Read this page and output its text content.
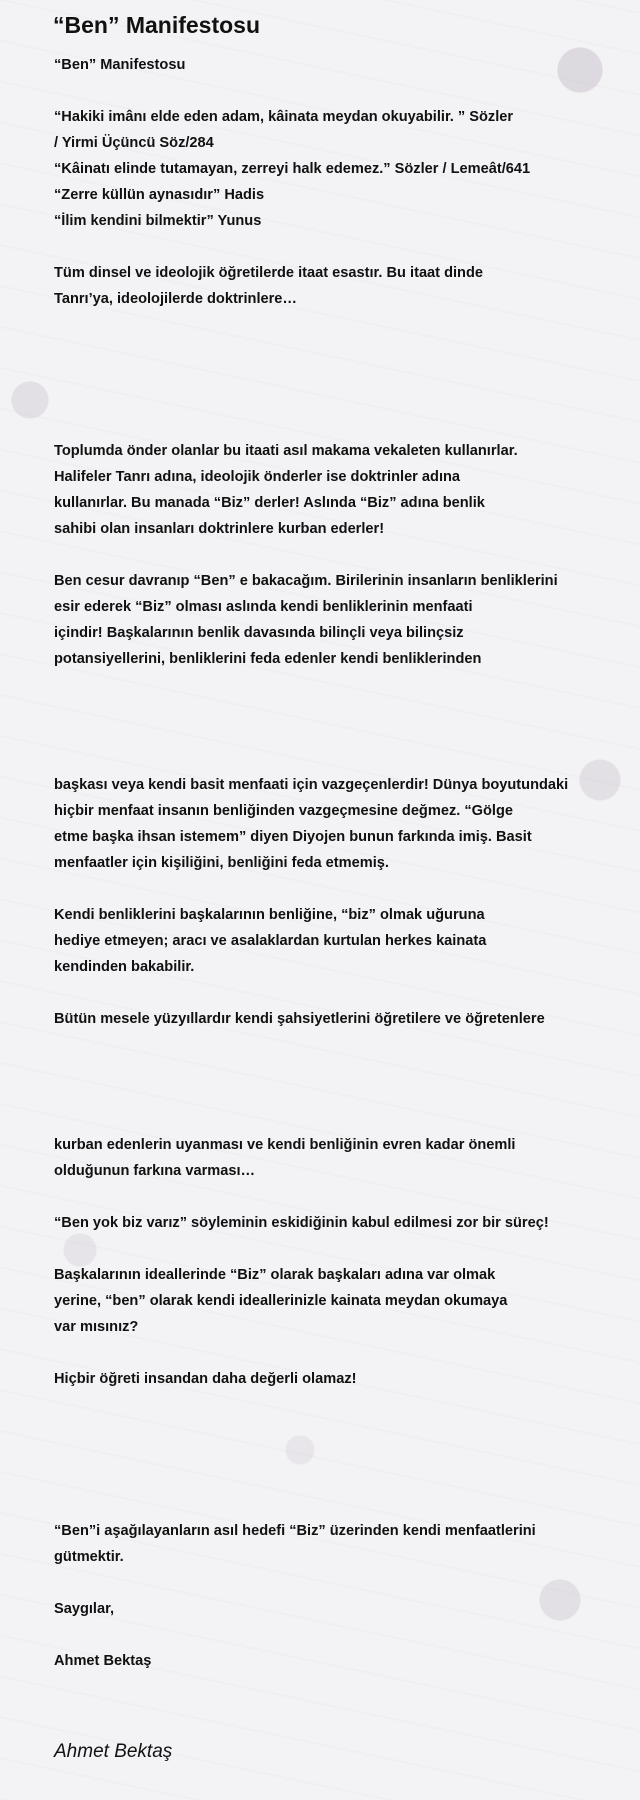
“Ben” Manifestosu

“Ben” Manifestosu

“Hakiki imânı elde eden adam, kâinata meydan okuyabilir. ” Sözler

/ Yirmi Üçüncü Söz/284

“Kâinatı elinde tutamayan, zerreyi halk edemez.” Sözler / Lemeât/641

“Zerre küllün aynasıdır” Hadis

“İlim kendini bilmektir” Yunus

Tüm dinsel ve ideolojik öğretilerde itaat esastır. Bu itaat dinde

Tanrı’ya, ideolojilerde doktrinlere…

Toplumda önder olanlar bu itaati asıl makama vekaleten kullanırlar.

Halifeler Tanrı adına, ideolojik önderler ise doktrinler adına

kullanırlar. Bu manada “Biz” derler! Aslında “Biz” adına benlik

sahibi olan insanları doktrinlere kurban ederler!

Ben cesur davranıp “Ben” e bakacağım. Birilerinin insanların benliklerini

esir ederek “Biz” olması aslında kendi benliklerinin menfaati

içindir! Başkalarının benlik davasında bilinçli veya bilinçsiz

potansiyellerini, benliklerini feda edenler kendi benliklerinden

başkası veya kendi basit menfaati için vazgeçenlerdir! Dünya boyutundaki

hiçbir menfaat insanın benliğinden vazgeçmesine değmez. “Gölge

etme başka ihsan istemem” diyen Diyojen bunun farkında imiş. Basit

menfaatler için kişiliğini, benliğini feda etmemiş.

Kendi benliklerini başkalarının benliğine, “biz” olmak uğuruna

hediye etmeyen; aracı ve asalaklardan kurtulan herkes kainata

kendinden bakabilir.

Bütün mesele yüzyıllardır kendi şahsiyetlerini öğretilere ve öğretenlere

kurban edenlerin uyanması ve kendi benliğinin evren kadar önemli

olduğunun farkına varması…

“Ben yok biz varız” söyleminin eskidiğinin kabul edilmesi zor bir süreç!

Başkalarının ideallerinde “Biz” olarak başkaları adına var olmak

yerine, “ben” olarak kendi ideallerinizle kainata meydan okumaya

var mısınız?

Hiçbir öğreti insandan daha değerli olamaz!

“Ben”i aşağılayanların asıl hedefi “Biz” üzerinden kendi menfaatlerini

gütmektir.

Saygılar,

Ahmet Bektaş

Ahmet Bektaş
